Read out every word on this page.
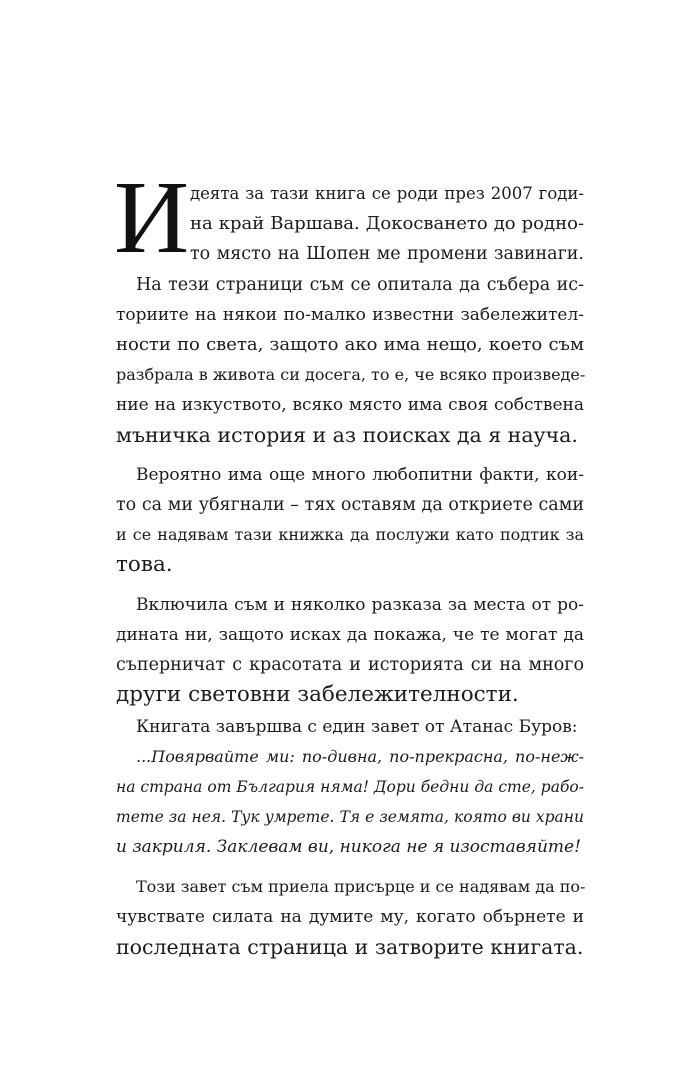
И деята за тази книга се роди през 2007 годи-
на край Варшава. Докосването до родно-
то място на Шопен ме промени завинаги.
На тези страници съм се опитала да събера ис-
ториите на някои по-малко известни забележител-
ности по света, защото ако има нещо, което съм
разбрала в живота си досега, то е, че всяко произведе-
ние на изкуството, всяко място има своя собствена
мъничка история и аз поисках да я науча.
Вероятно има още много любопитни факти, кои-
то са ми убягнали – тях оставям да откриете сами
и се надявам тази книжка да послужи като подтик за
това.
Включила съм и няколко разказа за места от ро-
дината ни, защото исках да покажа, че те могат да
съперничат с красотата и историята си на много
други световни забележителности.
Книгата завършва с един завет от Атанас Буров:
...Повярвайте ми: по-дивна, по-прекрасна, по-неж-
на страна от България няма! Дори бедни да сте, рабо-
тете за нея. Тук умрете. Тя е земята, която ви храни
и закриля. Заклевам ви, никога не я изоставяйте!
Този завет съм приела присърце и се надявам да по-
чувствате силата на думите му, когато обърнете и
последната страница и затворите книгата.
